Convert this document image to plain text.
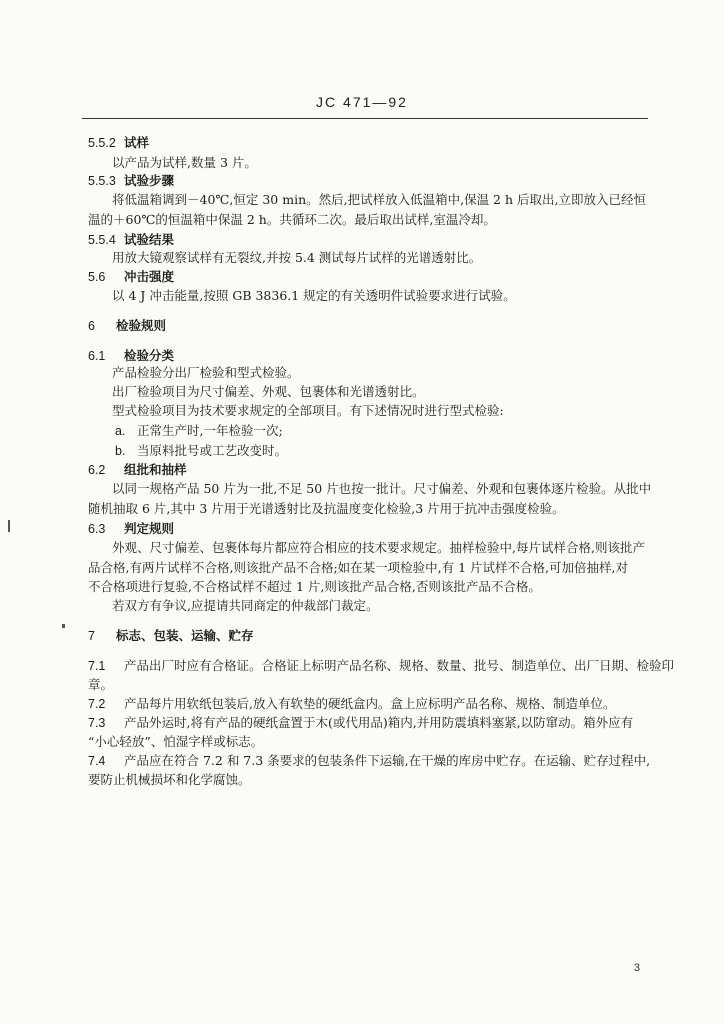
JC 471—92
5.5.2 试样
以产品为试样,数量 3 片。
5.5.3 试验步骤
将低温箱调到－40℃,恒定 30 min。然后,把试样放入低温箱中,保温 2 h 后取出,立即放入已经恒
温的＋60℃的恒温箱中保温 2 h。共循环二次。最后取出试样,室温冷却。
5.5.4 试验结果
用放大镜观察试样有无裂纹,并按 5.4 测试每片试样的光谱透射比。
5.6 冲击强度
以 4 J 冲击能量,按照 GB 3836.1 规定的有关透明件试验要求进行试验。
6 检验规则
6.1 检验分类
产品检验分出厂检验和型式检验。
出厂检验项目为尺寸偏差、外观、包裹体和光谱透射比。
型式检验项目为技术要求规定的全部项目。有下述情况时进行型式检验:
a. 正常生产时,一年检验一次;
b. 当原料批号或工艺改变时。
6.2 组批和抽样
以同一规格产品 50 片为一批,不足 50 片也按一批计。尺寸偏差、外观和包裹体逐片检验。从批中
随机抽取 6 片,其中 3 片用于光谱透射比及抗温度变化检验,3 片用于抗冲击强度检验。
6.3 判定规则
外观、尺寸偏差、包裹体每片都应符合相应的技术要求规定。抽样检验中,每片试样合格,则该批产
品合格,有两片试样不合格,则该批产品不合格;如在某一项检验中,有 1 片试样不合格,可加倍抽样,对
不合格项进行复验,不合格试样不超过 1 片,则该批产品合格,否则该批产品不合格。
若双方有争议,应提请共同商定的仲裁部门裁定。
7 标志、包装、运输、贮存
7.1 产品出厂时应有合格证。合格证上标明产品名称、规格、数量、批号、制造单位、出厂日期、检验印
章。
7.2 产品每片用软纸包装后,放入有软垫的硬纸盒内。盒上应标明产品名称、规格、制造单位。
7.3 产品外运时,将有产品的硬纸盒置于木(或代用品)箱内,并用防震填料塞紧,以防窜动。箱外应有
“小心轻放”、怕湿字样或标志。
7.4 产品应在符合 7.2 和 7.3 条要求的包装条件下运输,在干燥的库房中贮存。在运输、贮存过程中,
要防止机械损坏和化学腐蚀。
3
